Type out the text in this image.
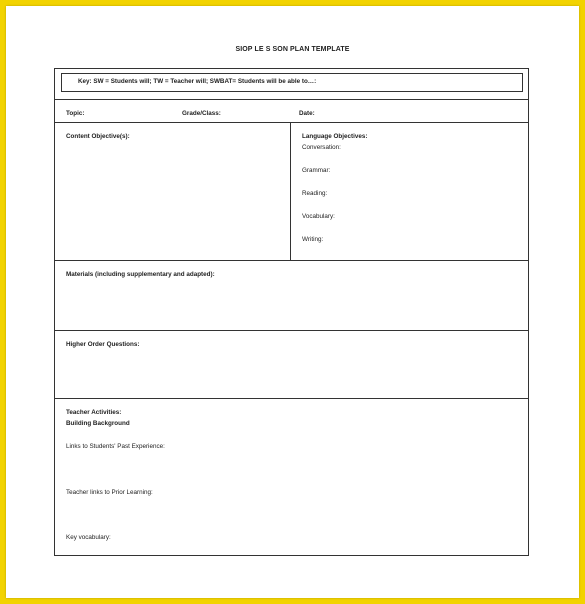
SIOP LE S SON PLAN TEMPLATE
Key: SW = Students will; TW = Teacher will; SWBAT= Students will be able to…:
Topic:	Grade/Class:	Date:
Content Objective(s):	Language Objectives:
Conversation:
Grammar:
Reading:
Vocabulary:
Writing:
Materials (including supplementary and adapted):
Higher Order Questions:
Teacher Activities:
Building Background
Links to Students' Past Experience:
Teacher links to Prior Learning:
Key vocabulary:
